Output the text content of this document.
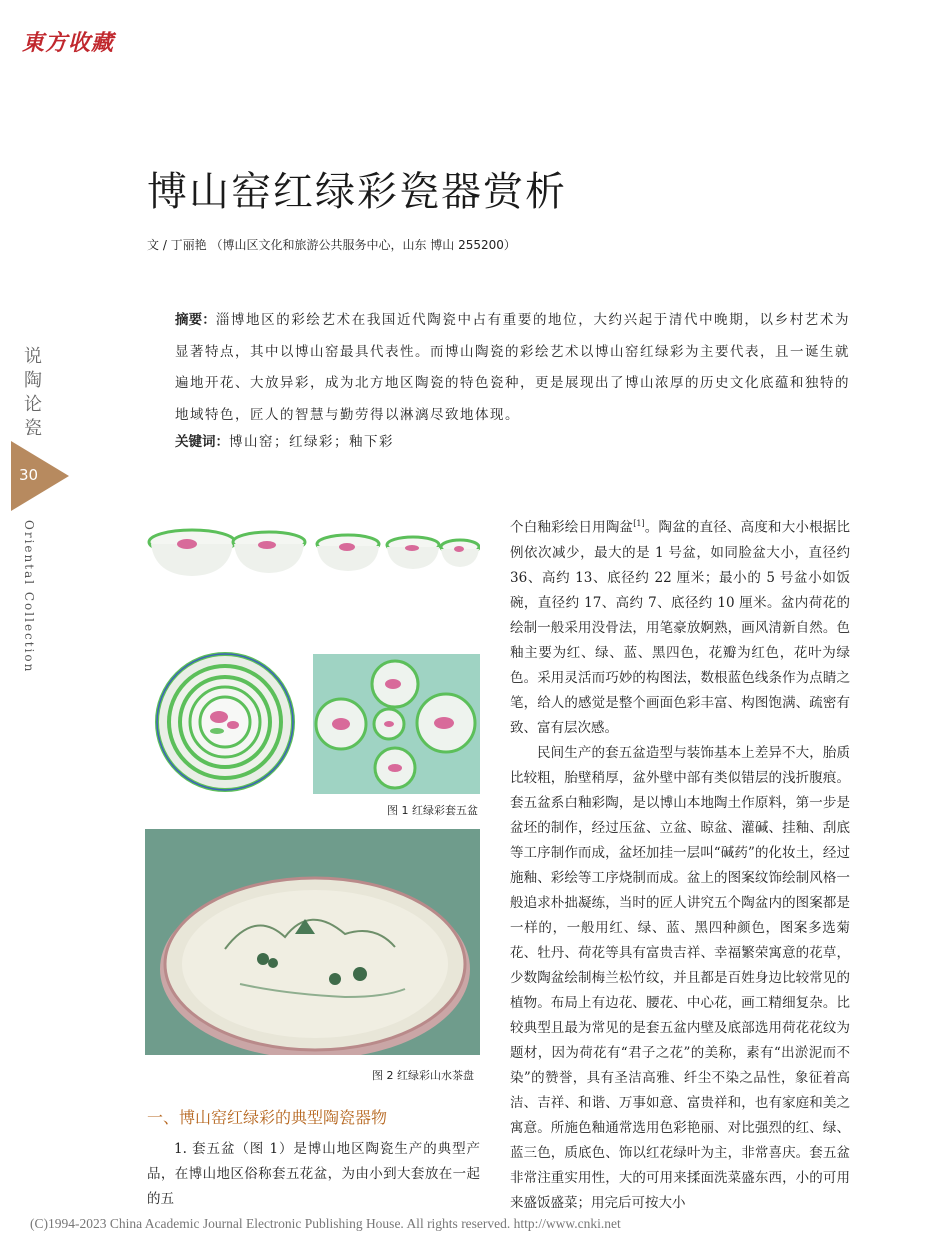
東方收藏
说陶论瓷
30
Oriental Collection
博山窑红绿彩瓷器赏析
文 / 丁丽艳 （博山区文化和旅游公共服务中心，山东 博山 255200）
摘要：淄博地区的彩绘艺术在我国近代陶瓷中占有重要的地位，大约兴起于清代中晚期，以乡村艺术为显著特点，其中以博山窑最具代表性。而博山陶瓷的彩绘艺术以博山窑红绿彩为主要代表，且一诞生就遍地开花、大放异彩，成为北方地区陶瓷的特色瓷种，更是展现出了博山浓厚的历史文化底蕴和独特的地域特色，匠人的智慧与勤劳得以淋漓尽致地体现。
关键词：博山窑；红绿彩；釉下彩
图 1 红绿彩套五盆
图 2 红绿彩山水茶盘
一、博山窑红绿彩的典型陶瓷器物
1. 套五盆（图 1）是博山地区陶瓷生产的典型产品，在博山地区俗称套五花盆，为由小到大套放在一起的五

个白釉彩绘日用陶盆[1]。陶盆的直径、高度和大小根据比例依次减少，最大的是 1 号盆，如同脸盆大小，直径约 36、高约 13、底径约 22 厘米；最小的 5 号盆小如饭碗，直径约 17、高约 7、底径约 10 厘米。盆内荷花的绘制一般采用没骨法，用笔豪放婀熟，画风清新自然。色釉主要为红、绿、蓝、黑四色，花瓣为红色，花叶为绿色。采用灵活而巧妙的构图法，数根蓝色线条作为点睛之笔，给人的感觉是整个画面色彩丰富、构图饱满、疏密有致、富有层次感。

民间生产的套五盆造型与装饰基本上差异不大，胎质比较粗，胎壁稍厚，盆外壁中部有类似错层的浅折腹痕。套五盆系白釉彩陶，是以博山本地陶土作原料，第一步是盆坯的制作，经过压盆、立盆、晾盆、灌碱、挂釉、刮底等工序制作而成，盆坯加挂一层叫“碱药”的化妆土，经过施釉、彩绘等工序烧制而成。盆上的图案纹饰绘制风格一般追求朴拙凝练，当时的匠人讲究五个陶盆内的图案都是一样的，一般用红、绿、蓝、黑四种颜色，图案多选菊花、牡丹、荷花等具有富贵吉祥、幸福繁荣寓意的花草，少数陶盆绘制梅兰松竹纹，并且都是百姓身边比较常见的植物。布局上有边花、腰花、中心花，画工精细复杂。比较典型且最为常见的是套五盆内壁及底部选用荷花花纹为题材，因为荷花有“君子之花”的美称，素有“出淤泥而不染”的赞誉，具有圣洁高雅、纤尘不染之品性，象征着高洁、吉祥、和谐、万事如意、富贵祥和，也有家庭和美之寓意。所施色釉通常选用色彩艳丽、对比强烈的红、绿、蓝三色，质底色、饰以红花绿叶为主，非常喜庆。套五盆非常注重实用性，大的可用来揉面洗菜盛东西，小的可用来盛饭盛菜；用完后可按大小

(C)1994-2023 China Academic Journal Electronic Publishing House. All rights reserved. http://www.cnki.net
